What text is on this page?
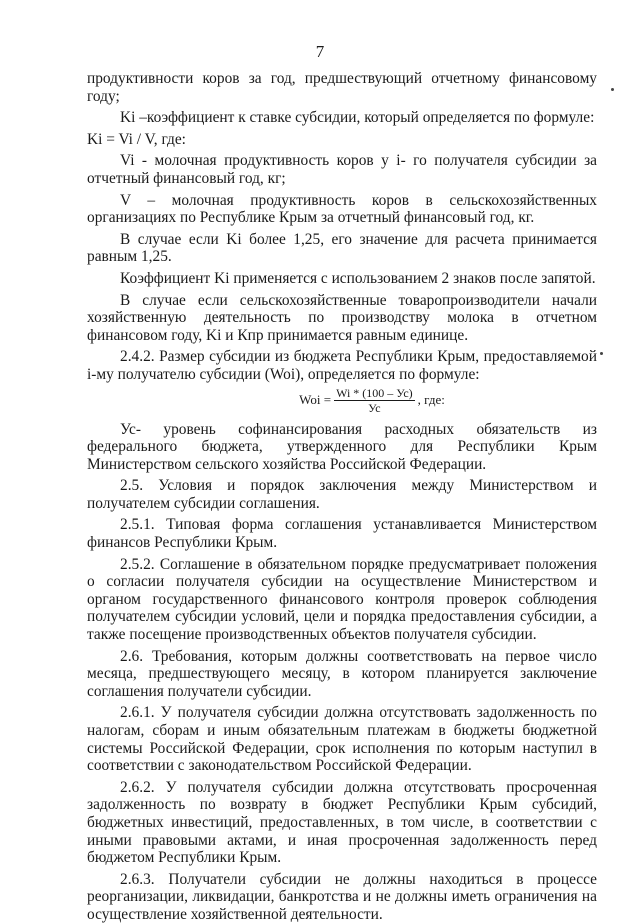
7

продуктивности коров за год, предшествующий отчетному финансовому году;

Ki –коэффициент к ставке субсидии, который определяется по формуле:

Ki = Vi / V, где:

Vi - молочная продуктивность коров у i- го получателя субсидии за отчетный финансовый год, кг;

V – молочная продуктивность коров в сельскохозяйственных организациях по Республике Крым за отчетный финансовый год, кг.

В случае если Ki более 1,25, его значение для расчета принимается равным 1,25.

Коэффициент Ki применяется с использованием 2 знаков после запятой.

В случае если сельскохозяйственные товаропроизводители начали хозяйственную деятельность по производству молока в отчетном финансовом году, Ki и Кпр принимается равным единице.

2.4.2. Размер субсидии из бюджета Республики Крым, предоставляемой i-му получателю субсидии (Woi), определяется по формуле:

Woi = $\frac{Wi * (100 - Ус)}{Ус}$ , где:

Ус- уровень софинансирования расходных обязательств из федерального бюджета, утвержденного для Республики Крым Министерством сельского хозяйства Российской Федерации.

2.5. Условия и порядок заключения между Министерством и получателем субсидии соглашения.

2.5.1. Типовая форма соглашения устанавливается Министерством финансов Республики Крым.

2.5.2. Соглашение в обязательном порядке предусматривает положения о согласии получателя субсидии на осуществление Министерством и органом государственного финансового контроля проверок соблюдения получателем субсидии условий, цели и порядка предоставления субсидии, а также посещение производственных объектов получателя субсидии.

2.6. Требования, которым должны соответствовать на первое число месяца, предшествующего месяцу, в котором планируется заключение соглашения получатели субсидии.

2.6.1. У получателя субсидии должна отсутствовать задолженность по налогам, сборам и иным обязательным платежам в бюджеты бюджетной системы Российской Федерации, срок исполнения по которым наступил в соответствии с законодательством Российской Федерации.

2.6.2. У получателя субсидии должна отсутствовать просроченная задолженность по возврату в бюджет Республики Крым субсидий, бюджетных инвестиций, предоставленных, в том числе, в соответствии с иными правовыми актами, и иная просроченная задолженность перед бюджетом Республики Крым.

2.6.3. Получатели субсидии не должны находиться в процессе реорганизации, ликвидации, банкротства и не должны иметь ограничения на осуществление хозяйственной деятельности.
